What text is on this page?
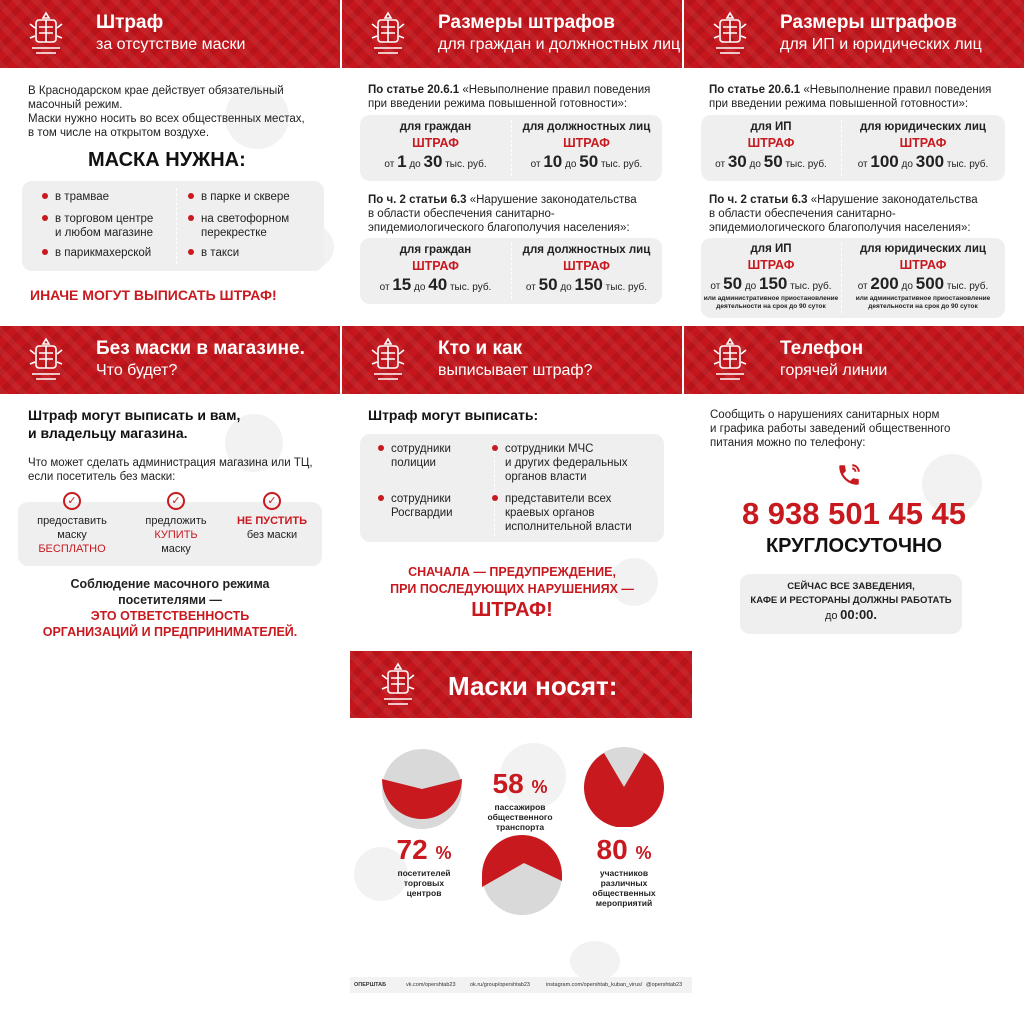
Штраф
за отсутствие маски
В Краснодарском крае действует обязательный
масочный режим.
Маски нужно носить во всех общественных местах,
в том числе на открытом воздухе.
МАСКА НУЖНА:
в трамвае	в парке и сквере
в торговом центре
и любом магазине
на светофорном
перекрестке
в парикмахерской	в такси
ИНАЧЕ МОГУТ ВЫПИСАТЬ ШТРАФ!
Размеры штрафов
для граждан и должностных лиц
По статье 20.6.1 «Невыполнение правил поведения
при введении режима повышенной готовности»:
для граждан
ШТРАФ
от 1 до 30 тыс. руб.
для должностных лиц
ШТРАФ
от 10 до 50 тыс. руб.
По ч. 2 статьи 6.3 «Нарушение законодательства
в области обеспечения санитарно-
эпидемиологического благополучия населения»:
для граждан
ШТРАФ
от 15 до 40 тыс. руб.
для должностных лиц
ШТРАФ
от 50 до 150 тыс. руб.
Размеры штрафов
для ИП и юридических лиц
По статье 20.6.1 «Невыполнение правил поведения
при введении режима повышенной готовности»:
для ИП
ШТРАФ
от 30 до 50 тыс. руб.
для юридических лиц
ШТРАФ
от 100 до 300 тыс. руб.
По ч. 2 статьи 6.3 «Нарушение законодательства
в области обеспечения санитарно-
эпидемиологического благополучия населения»:
для ИП
ШТРАФ
от 50 до 150 тыс. руб.
или административное приостановление
деятельности на срок до 90 суток
для юридических лиц
ШТРАФ
от 200 до 500 тыс. руб.
или административное приостановление
деятельности на срок до 90 суток
Без маски в магазине.
Что будет?
Штраф могут выписать и вам,
и владельцу магазина.
Что может сделать администрация магазина или ТЦ,
если посетитель без маски:
✓
предоставить
маску
БЕСПЛАТНО
✓
предложить
КУПИТЬ
маску
✓
НЕ ПУСТИТЬ
без маски
Соблюдение масочного режима
посетителями —
ЭТО ОТВЕТСТВЕННОСТЬ
ОРГАНИЗАЦИЙ И ПРЕДПРИНИМАТЕЛЕЙ.
Кто и как
выписывает штраф?
Штраф могут выписать:
сотрудники
полиции
сотрудники МЧС
и других федеральных
органов власти
сотрудники
Росгвардии
представители всех
краевых органов
исполнительной власти
СНАЧАЛА — ПРЕДУПРЕЖДЕНИЕ,
ПРИ ПОСЛЕДУЮЩИХ НАРУШЕНИЯХ —
ШТРАФ!
Телефон
горячей линии
Сообщить о нарушениях санитарных норм
и графика работы заведений общественного
питания можно по телефону:
8 938 501 45 45
КРУГЛОСУТОЧНО
СЕЙЧАС ВСЕ ЗАВЕДЕНИЯ,
КАФЕ И РЕСТОРАНЫ ДОЛЖНЫ РАБОТАТЬ
до 00:00.
Маски носят:
58 %
пассажиров
общественного
транспорта
72 %
посетителей
торговых
центров
80 %
участников
различных
общественных
мероприятий
ОПЕРШТАБ	vk.com/opershtab23	ok.ru/group/opershtab23	instagram.com/opershtab_kuban_virus/ @opershtab23
